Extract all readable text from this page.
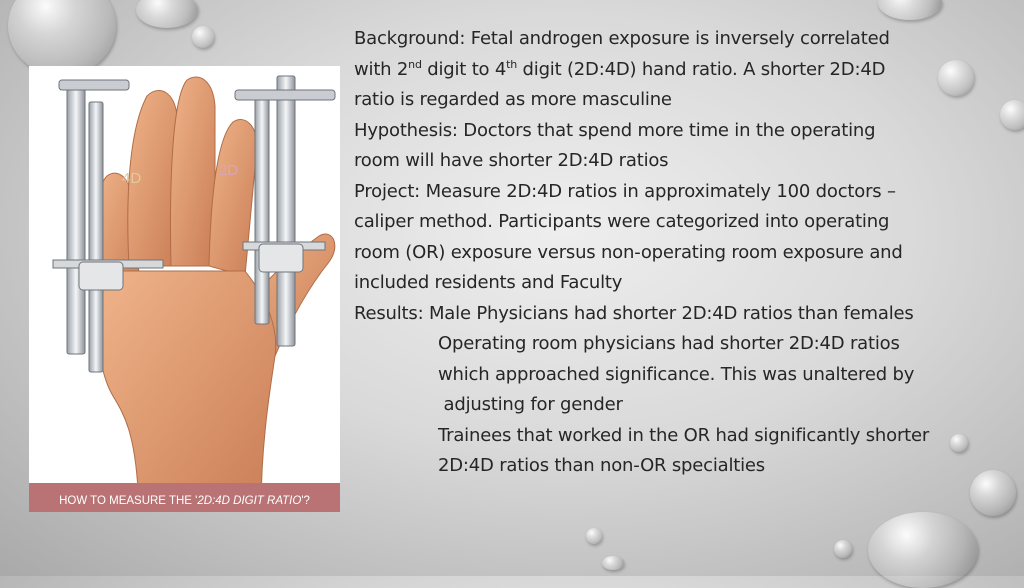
4D	2D
HOW TO MEASURE THE '2D:4D DIGIT RATIO'?

Background: Fetal androgen exposure is inversely correlated

with 2nd digit to 4th digit (2D:4D) hand ratio. A shorter 2D:4D

ratio is regarded as more masculine

Hypothesis: Doctors that spend more time in the operating

room will have shorter 2D:4D ratios

Project: Measure 2D:4D ratios in approximately 100 doctors –

caliper method. Participants were categorized into operating

room (OR) exposure versus non-operating room exposure and

included residents and Faculty

Results: Male Physicians had shorter 2D:4D ratios than females

Operating room physicians had shorter 2D:4D ratios

which approached significance. This was unaltered by

adjusting for gender

Trainees that worked in the OR had significantly shorter

2D:4D ratios than non-OR specialties
